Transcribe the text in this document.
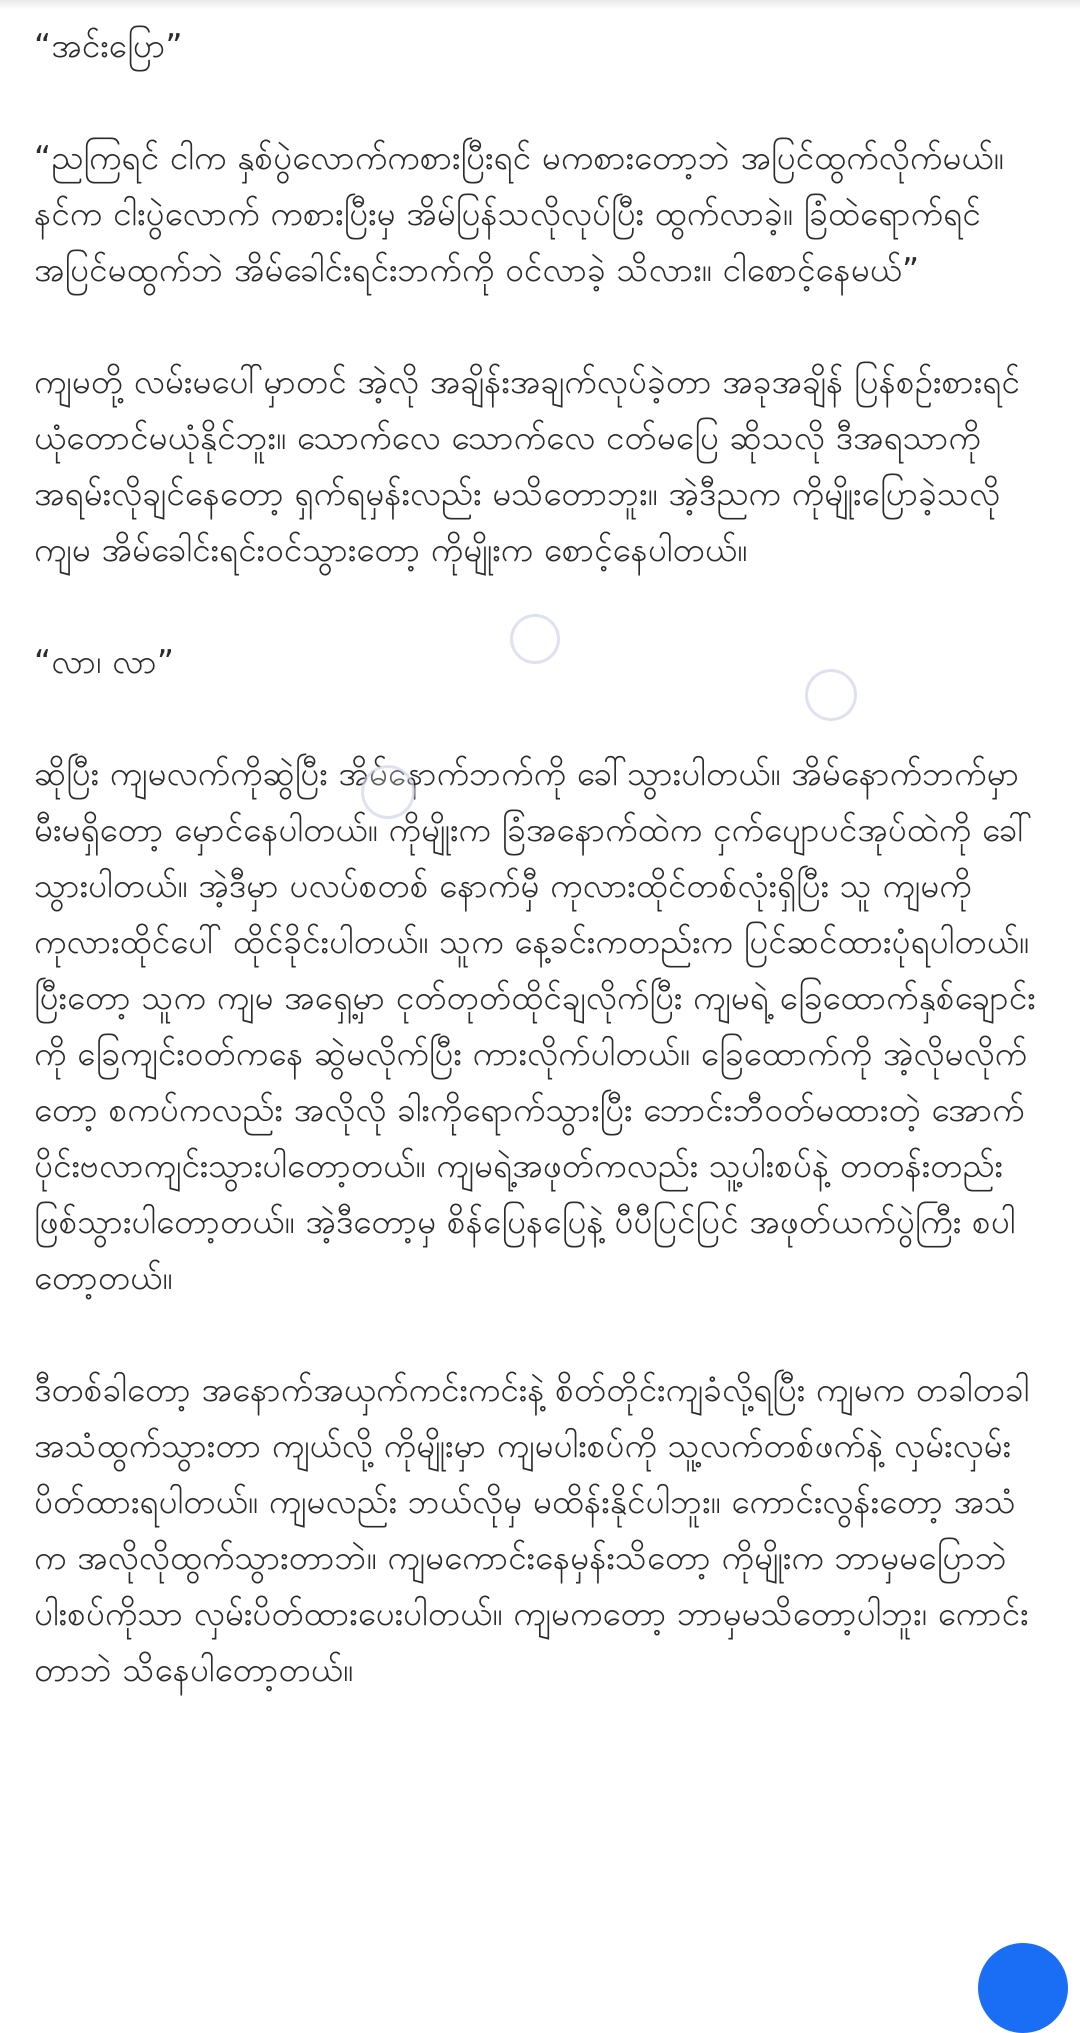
“အင်းပြော”

“ညကြရင် ငါက နှစ်ပွဲလောက်ကစားပြီးရင် မကစားတော့ဘဲ အပြင်ထွက်လိုက်မယ်။ နင်က ငါးပွဲလောက် ကစားပြီးမှ အိမ်ပြန်သလိုလုပ်ပြီး ထွက်လာခဲ့။ ခြံထဲရောက်ရင် အပြင်မထွက်ဘဲ အိမ်ခေါင်းရင်းဘက်ကို ဝင်လာခဲ့ သိလား။ ငါစောင့်နေမယ်”

ကျမတို့ လမ်းမပေါ်မှာတင် အဲ့လို အချိန်းအချက်လုပ်ခဲ့တာ အခုအချိန် ပြန်စဉ်းစားရင် ယုံတောင်မယုံနိုင်ဘူး။ သောက်လေ သောက်လေ ငတ်မပြေ ဆိုသလို ဒီအရသာကို အရမ်းလိုချင်နေတော့ ရှက်ရမှန်းလည်း မသိတောဘူး။ အဲ့ဒီညက ကိုမျိုးပြောခဲ့သလို ကျမ အိမ်ခေါင်းရင်းဝင်သွားတော့ ကိုမျိုးက စောင့်နေပါတယ်။

“လာ၊ လာ”

ဆိုပြီး ကျမလက်ကိုဆွဲပြီး အိမ်နောက်ဘက်ကို ခေါ်သွားပါတယ်။ အိမ်နောက်ဘက်မှာ မီးမရှိတော့ မှောင်နေပါတယ်။ ကိုမျိုးက ခြံအနောက်ထဲက ငှက်ပျောပင်အုပ်ထဲကို ခေါ်သွားပါတယ်။ အဲ့ဒီမှာ ပလပ်စတစ် နောက်မှီ ကုလားထိုင်တစ်လုံးရှိပြီး သူ ကျမကို ကုလားထိုင်ပေါ် ထိုင်ခိုင်းပါတယ်။ သူက နေ့ခင်းကတည်းက ပြင်ဆင်ထားပုံရပါတယ်။ ပြီးတော့ သူက ကျမ အရှေ့မှာ ငုတ်တုတ်ထိုင်ချလိုက်ပြီး ကျမရဲ့ ခြေထောက်နှစ်ချောင်းကို ခြေကျင်းဝတ်ကနေ ဆွဲမလိုက်ပြီး ကားလိုက်ပါတယ်။ ခြေထောက်ကို အဲ့လိုမလိုက်တော့ စကပ်ကလည်း အလိုလို ခါးကိုရောက်သွားပြီး ဘောင်းဘီဝတ်မထားတဲ့ အောက်ပိုင်းဗလာကျင်းသွားပါတော့တယ်။ ကျမရဲ့အဖုတ်ကလည်း သူ့ပါးစပ်နဲ့ တတန်းတည်း ဖြစ်သွားပါတော့တယ်။ အဲ့ဒီတော့မှ စိန်ပြေနပြေနဲ့ ပီပီပြင်ပြင် အဖုတ်ယက်ပွဲကြီး စပါတော့တယ်။

ဒီတစ်ခါတော့ အနောက်အယှက်ကင်းကင်းနဲ့ စိတ်တိုင်းကျခံလို့ရပြီး ကျမက တခါတခါ အသံထွက်သွားတာ ကျယ်လို့ ကိုမျိုးမှာ ကျမပါးစပ်ကို သူ့လက်တစ်ဖက်နဲ့ လှမ်းလှမ်းပိတ်ထားရပါတယ်။ ကျမလည်း ဘယ်လိုမှ မထိန်းနိုင်ပါဘူး။ ကောင်းလွန်းတော့ အသံက အလိုလိုထွက်သွားတာဘဲ။ ကျမကောင်းနေမှန်းသိတော့ ကိုမျိုးက ဘာမှမပြောဘဲ ပါးစပ်ကိုသာ လှမ်းပိတ်ထားပေးပါတယ်။ ကျမကတော့ ဘာမှမသိတော့ပါဘူး၊ ကောင်းတာဘဲ သိနေပါတော့တယ်။
